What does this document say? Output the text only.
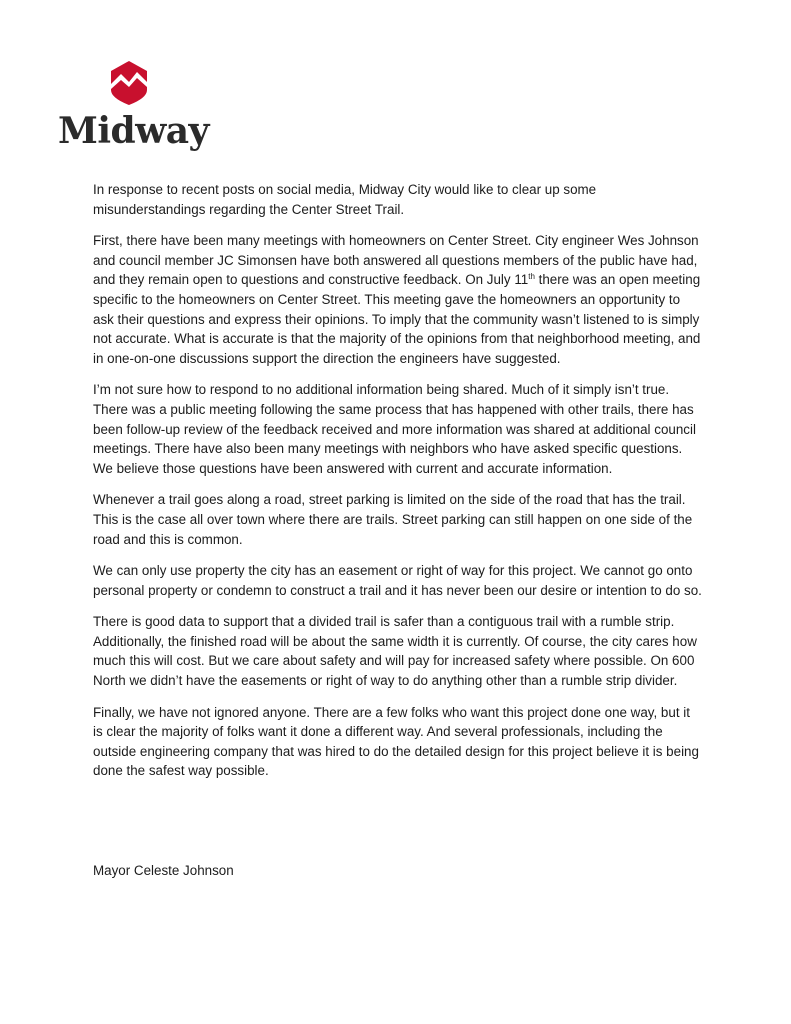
Midway

In response to recent posts on social media, Midway City would like to clear up some misunderstandings regarding the Center Street Trail.

First, there have been many meetings with homeowners on Center Street. City engineer Wes Johnson and council member JC Simonsen have both answered all questions members of the public have had, and they remain open to questions and constructive feedback. On July 11th there was an open meeting specific to the homeowners on Center Street. This meeting gave the homeowners an opportunity to ask their questions and express their opinions. To imply that the community wasn’t listened to is simply not accurate. What is accurate is that the majority of the opinions from that neighborhood meeting, and in one-on-one discussions support the direction the engineers have suggested.

I’m not sure how to respond to no additional information being shared. Much of it simply isn’t true. There was a public meeting following the same process that has happened with other trails, there has been follow-up review of the feedback received and more information was shared at additional council meetings. There have also been many meetings with neighbors who have asked specific questions. We believe those questions have been answered with current and accurate information.

Whenever a trail goes along a road, street parking is limited on the side of the road that has the trail. This is the case all over town where there are trails. Street parking can still happen on one side of the road and this is common.

We can only use property the city has an easement or right of way for this project. We cannot go onto personal property or condemn to construct a trail and it has never been our desire or intention to do so.

There is good data to support that a divided trail is safer than a contiguous trail with a rumble strip. Additionally, the finished road will be about the same width it is currently. Of course, the city cares how much this will cost. But we care about safety and will pay for increased safety where possible. On 600 North we didn’t have the easements or right of way to do anything other than a rumble strip divider.

Finally, we have not ignored anyone. There are a few folks who want this project done one way, but it is clear the majority of folks want it done a different way. And several professionals, including the outside engineering company that was hired to do the detailed design for this project believe it is being done the safest way possible.

Mayor Celeste Johnson
